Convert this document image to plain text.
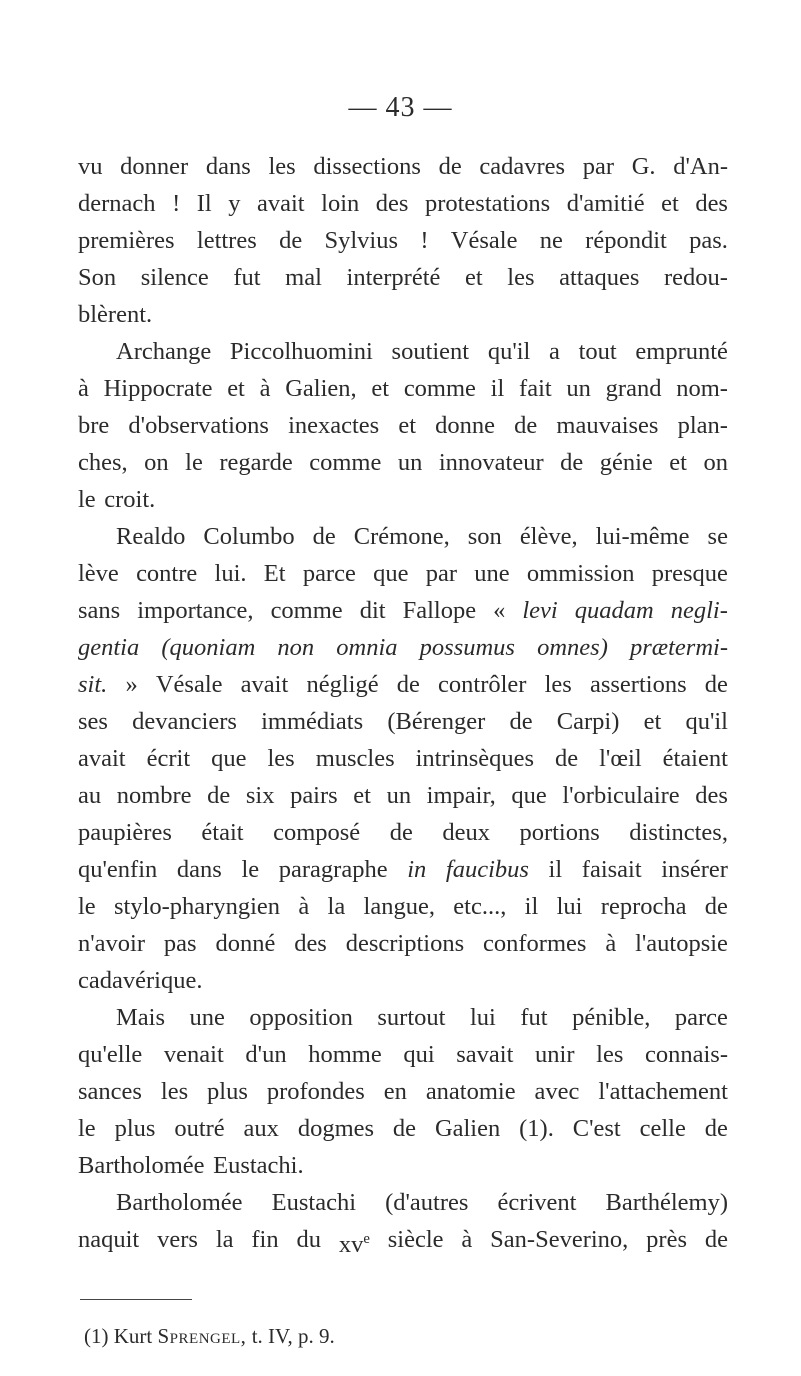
— 43 —
vu donner dans les dissections de cadavres par G. d'An-
dernach ! Il y avait loin des protestations d'amitié et des
premières lettres de Sylvius ! Vésale ne répondit pas.
Son silence fut mal interprété et les attaques redou-
blèrent.
Archange Piccolhuomini soutient qu'il a tout emprunté
à Hippocrate et à Galien, et comme il fait un grand nom-
bre d'observations inexactes et donne de mauvaises plan-
ches, on le regarde comme un innovateur de génie et on
le croit.
Realdo Columbo de Crémone, son élève, lui-même se
lève contre lui. Et parce que par une ommission presque
sans importance, comme dit Fallope « levi quadam negli-
gentia (quoniam non omnia possumus omnes) prætermi-
sit. » Vésale avait négligé de contrôler les assertions de
ses devanciers immédiats (Bérenger de Carpi) et qu'il
avait écrit que les muscles intrinsèques de l'œil étaient
au nombre de six pairs et un impair, que l'orbiculaire des
paupières était composé de deux portions distinctes,
qu'enfin dans le paragraphe in faucibus il faisait insérer
le stylo-pharyngien à la langue, etc..., il lui reprocha de
n'avoir pas donné des descriptions conformes à l'autopsie
cadavérique.
Mais une opposition surtout lui fut pénible, parce
qu'elle venait d'un homme qui savait unir les connais-
sances les plus profondes en anatomie avec l'attachement
le plus outré aux dogmes de Galien (1). C'est celle de
Bartholomée Eustachi.
Bartholomée Eustachi (d'autres écrivent Barthélemy)
naquit vers la fin du $xv^e$ siècle à San-Severino, près de
(1) Kurt Sprengel, t. IV, p. 9.
